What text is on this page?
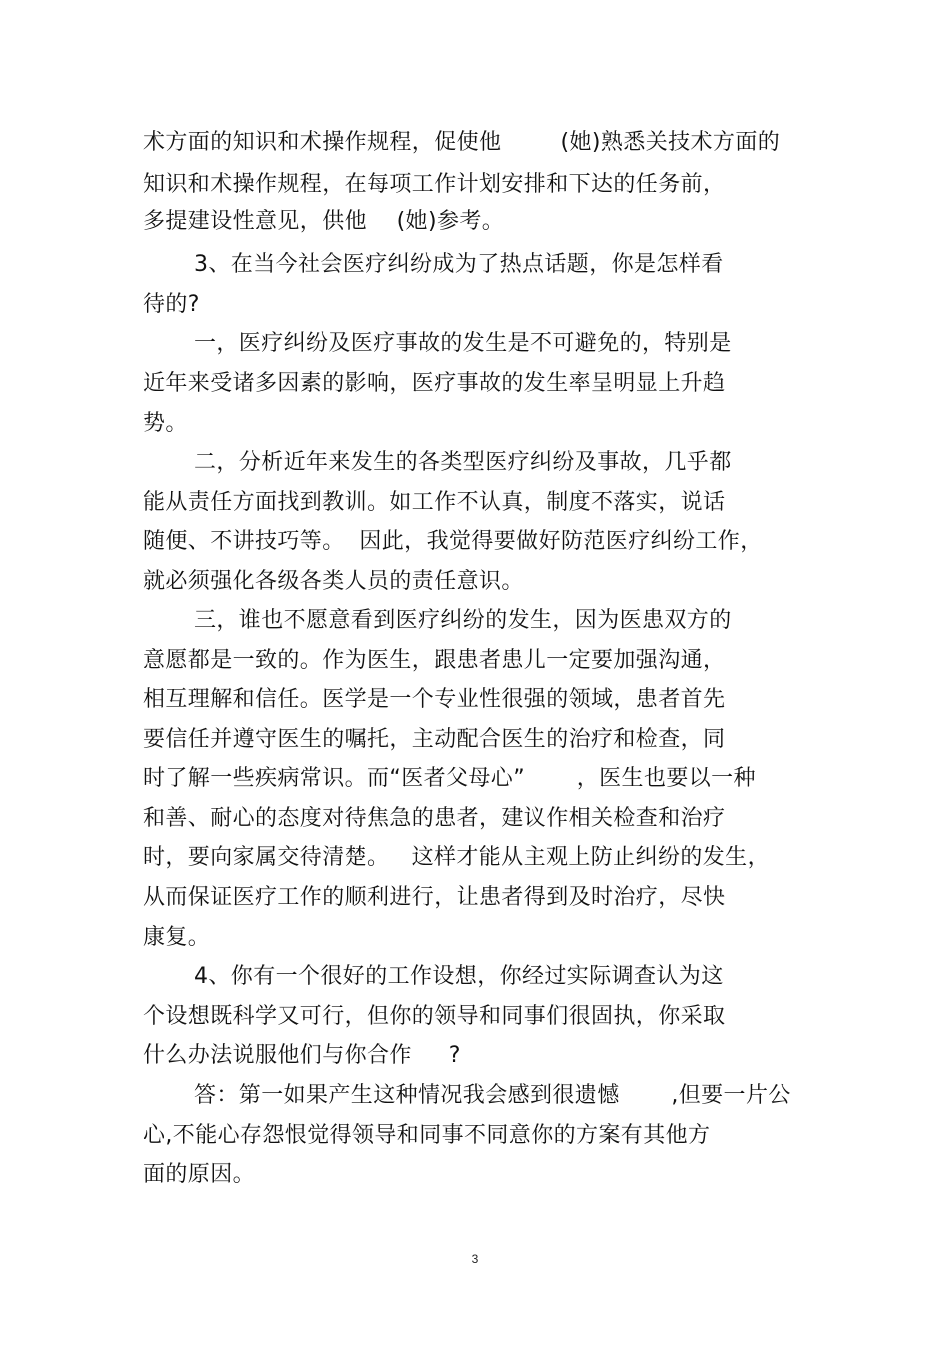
术方面的知识和术操作规程，促使他        (她)熟悉关技术方面的
知识和术操作规程，在每项工作计划安排和下达的任务前，
多提建设性意见，供他    (她)参考。
3、在当今社会医疗纠纷成为了热点话题，你是怎样看
待的?
一，医疗纠纷及医疗事故的发生是不可避免的，特别是
近年来受诸多因素的影响，医疗事故的发生率呈明显上升趋
势。
二，分析近年来发生的各类型医疗纠纷及事故，几乎都
能从责任方面找到教训。如工作不认真，制度不落实，说话
随便、不讲技巧等。  因此，我觉得要做好防范医疗纠纷工作，
就必须强化各级各类人员的责任意识。
三，谁也不愿意看到医疗纠纷的发生，因为医患双方的
意愿都是一致的。作为医生，跟患者患儿一定要加强沟通，
相互理解和信任。医学是一个专业性很强的领域，患者首先
要信任并遵守医生的嘱托，主动配合医生的治疗和检查，同
时了解一些疾病常识。而“医者父母心”       ，医生也要以一种
和善、耐心的态度对待焦急的患者，建议作相关检查和治疗
时，要向家属交待清楚。   这样才能从主观上防止纠纷的发生，
从而保证医疗工作的顺利进行，让患者得到及时治疗，尽快
康复。
4、你有一个很好的工作设想，你经过实际调查认为这
个设想既科学又可行，但你的领导和同事们很固执，你采取
什么办法说服他们与你合作     ?
答：第一如果产生这种情况我会感到很遗憾       ,但要一片公
心,不能心存怨恨觉得领导和同事不同意你的方案有其他方
面的原因。
3
